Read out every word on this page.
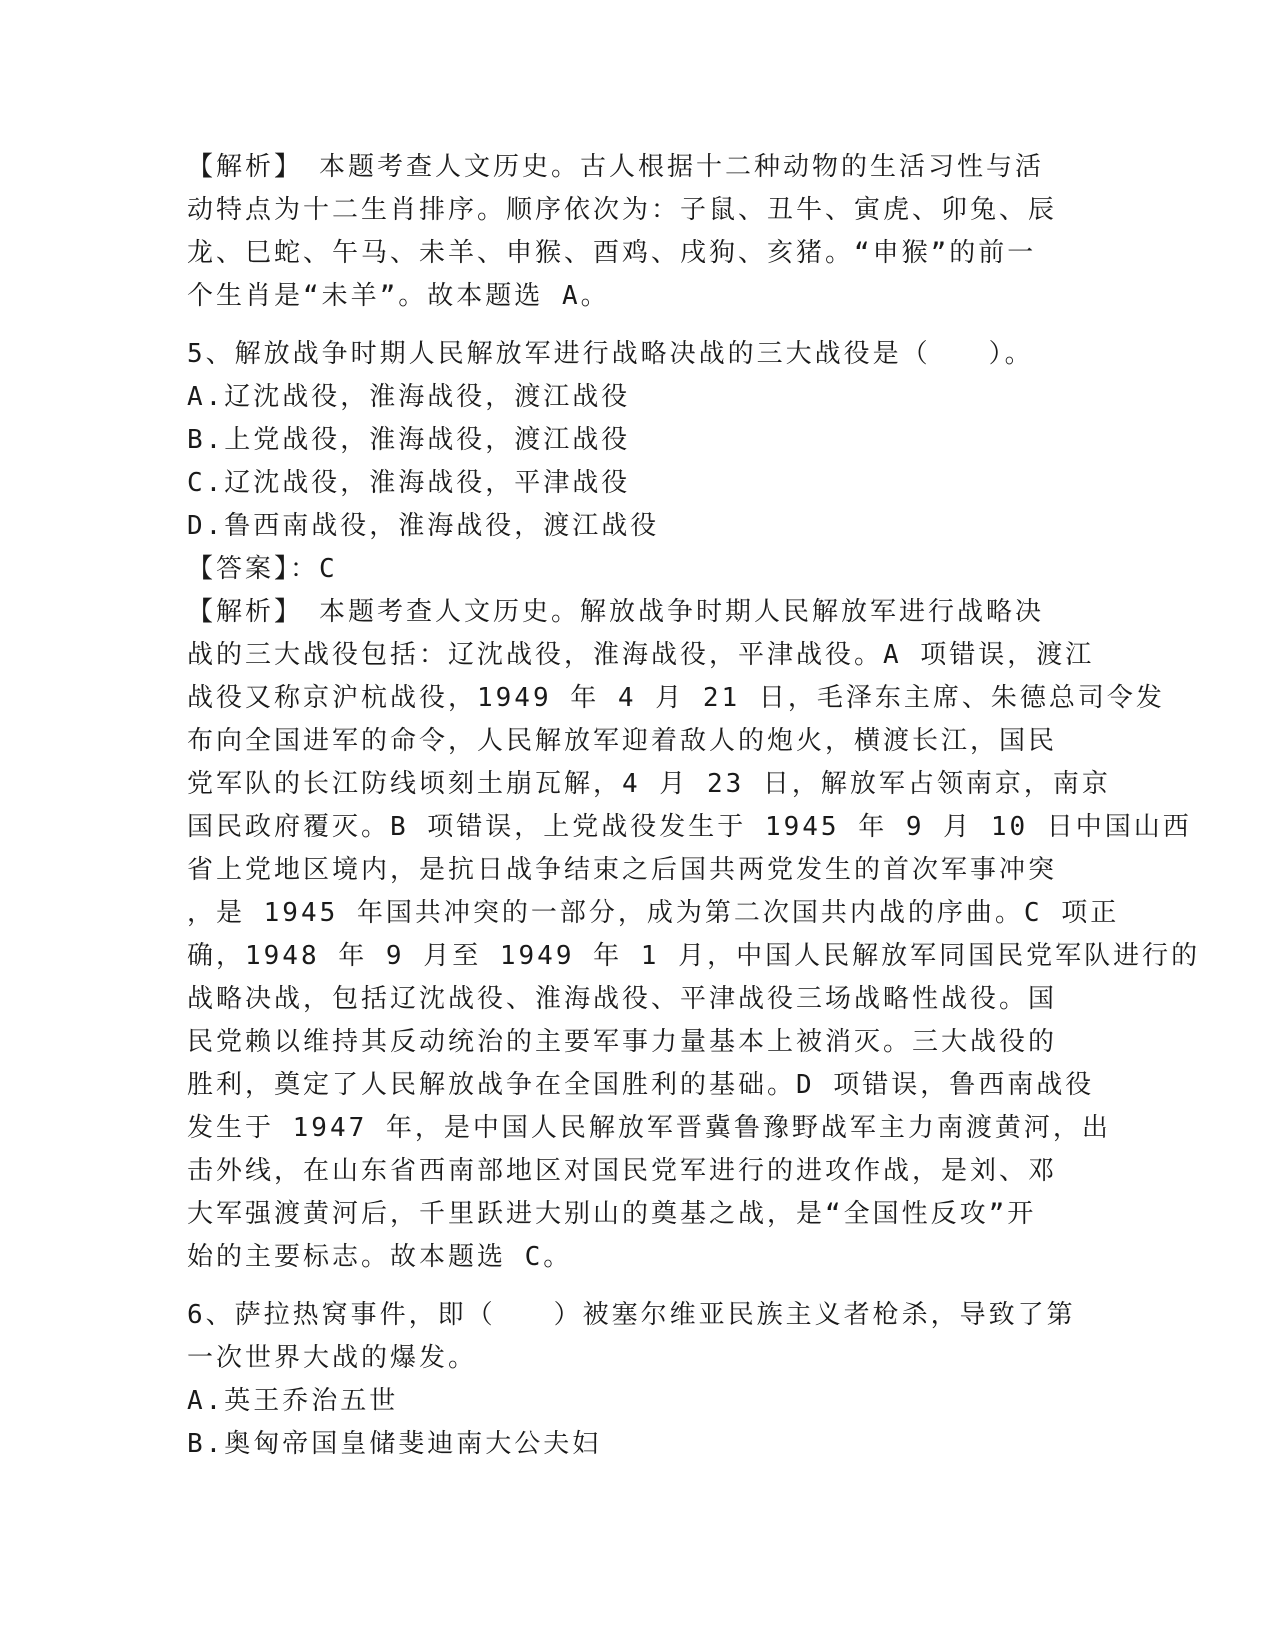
【解析】　本题考查人文历史。古人根据十二种动物的生活习性与活

动特点为十二生肖排序。顺序依次为：子鼠、丑牛、寅虎、卯兔、辰

龙、巳蛇、午马、未羊、申猴、酉鸡、戌狗、亥猪。“申猴”的前一

个生肖是“未羊”。故本题选 A。

5、解放战争时期人民解放军进行战略决战的三大战役是（　　）。

A.辽沈战役，淮海战役，渡江战役

B.上党战役，淮海战役，渡江战役

C.辽沈战役，淮海战役，平津战役

D.鲁西南战役，淮海战役，渡江战役

【答案】：C

【解析】　本题考查人文历史。解放战争时期人民解放军进行战略决

战的三大战役包括：辽沈战役，淮海战役，平津战役。A 项错误，渡江

战役又称京沪杭战役，1949 年 4 月 21 日，毛泽东主席、朱德总司令发

布向全国进军的命令，人民解放军迎着敌人的炮火，横渡长江，国民

党军队的长江防线顷刻土崩瓦解，4 月 23 日，解放军占领南京，南京

国民政府覆灭。B 项错误，上党战役发生于 1945 年 9 月 10 日中国山西

省上党地区境内，是抗日战争结束之后国共两党发生的首次军事冲突

，是 1945 年国共冲突的一部分，成为第二次国共内战的序曲。C 项正

确，1948 年 9 月至 1949 年 1 月，中国人民解放军同国民党军队进行的

战略决战，包括辽沈战役、淮海战役、平津战役三场战略性战役。国

民党赖以维持其反动统治的主要军事力量基本上被消灭。三大战役的

胜利，奠定了人民解放战争在全国胜利的基础。D 项错误，鲁西南战役

发生于 1947 年，是中国人民解放军晋冀鲁豫野战军主力南渡黄河，出

击外线，在山东省西南部地区对国民党军进行的进攻作战，是刘、邓

大军强渡黄河后，千里跃进大别山的奠基之战，是“全国性反攻”开

始的主要标志。故本题选 C。

6、萨拉热窝事件，即（　　）被塞尔维亚民族主义者枪杀，导致了第

一次世界大战的爆发。

A.英王乔治五世

B.奥匈帝国皇储斐迪南大公夫妇
